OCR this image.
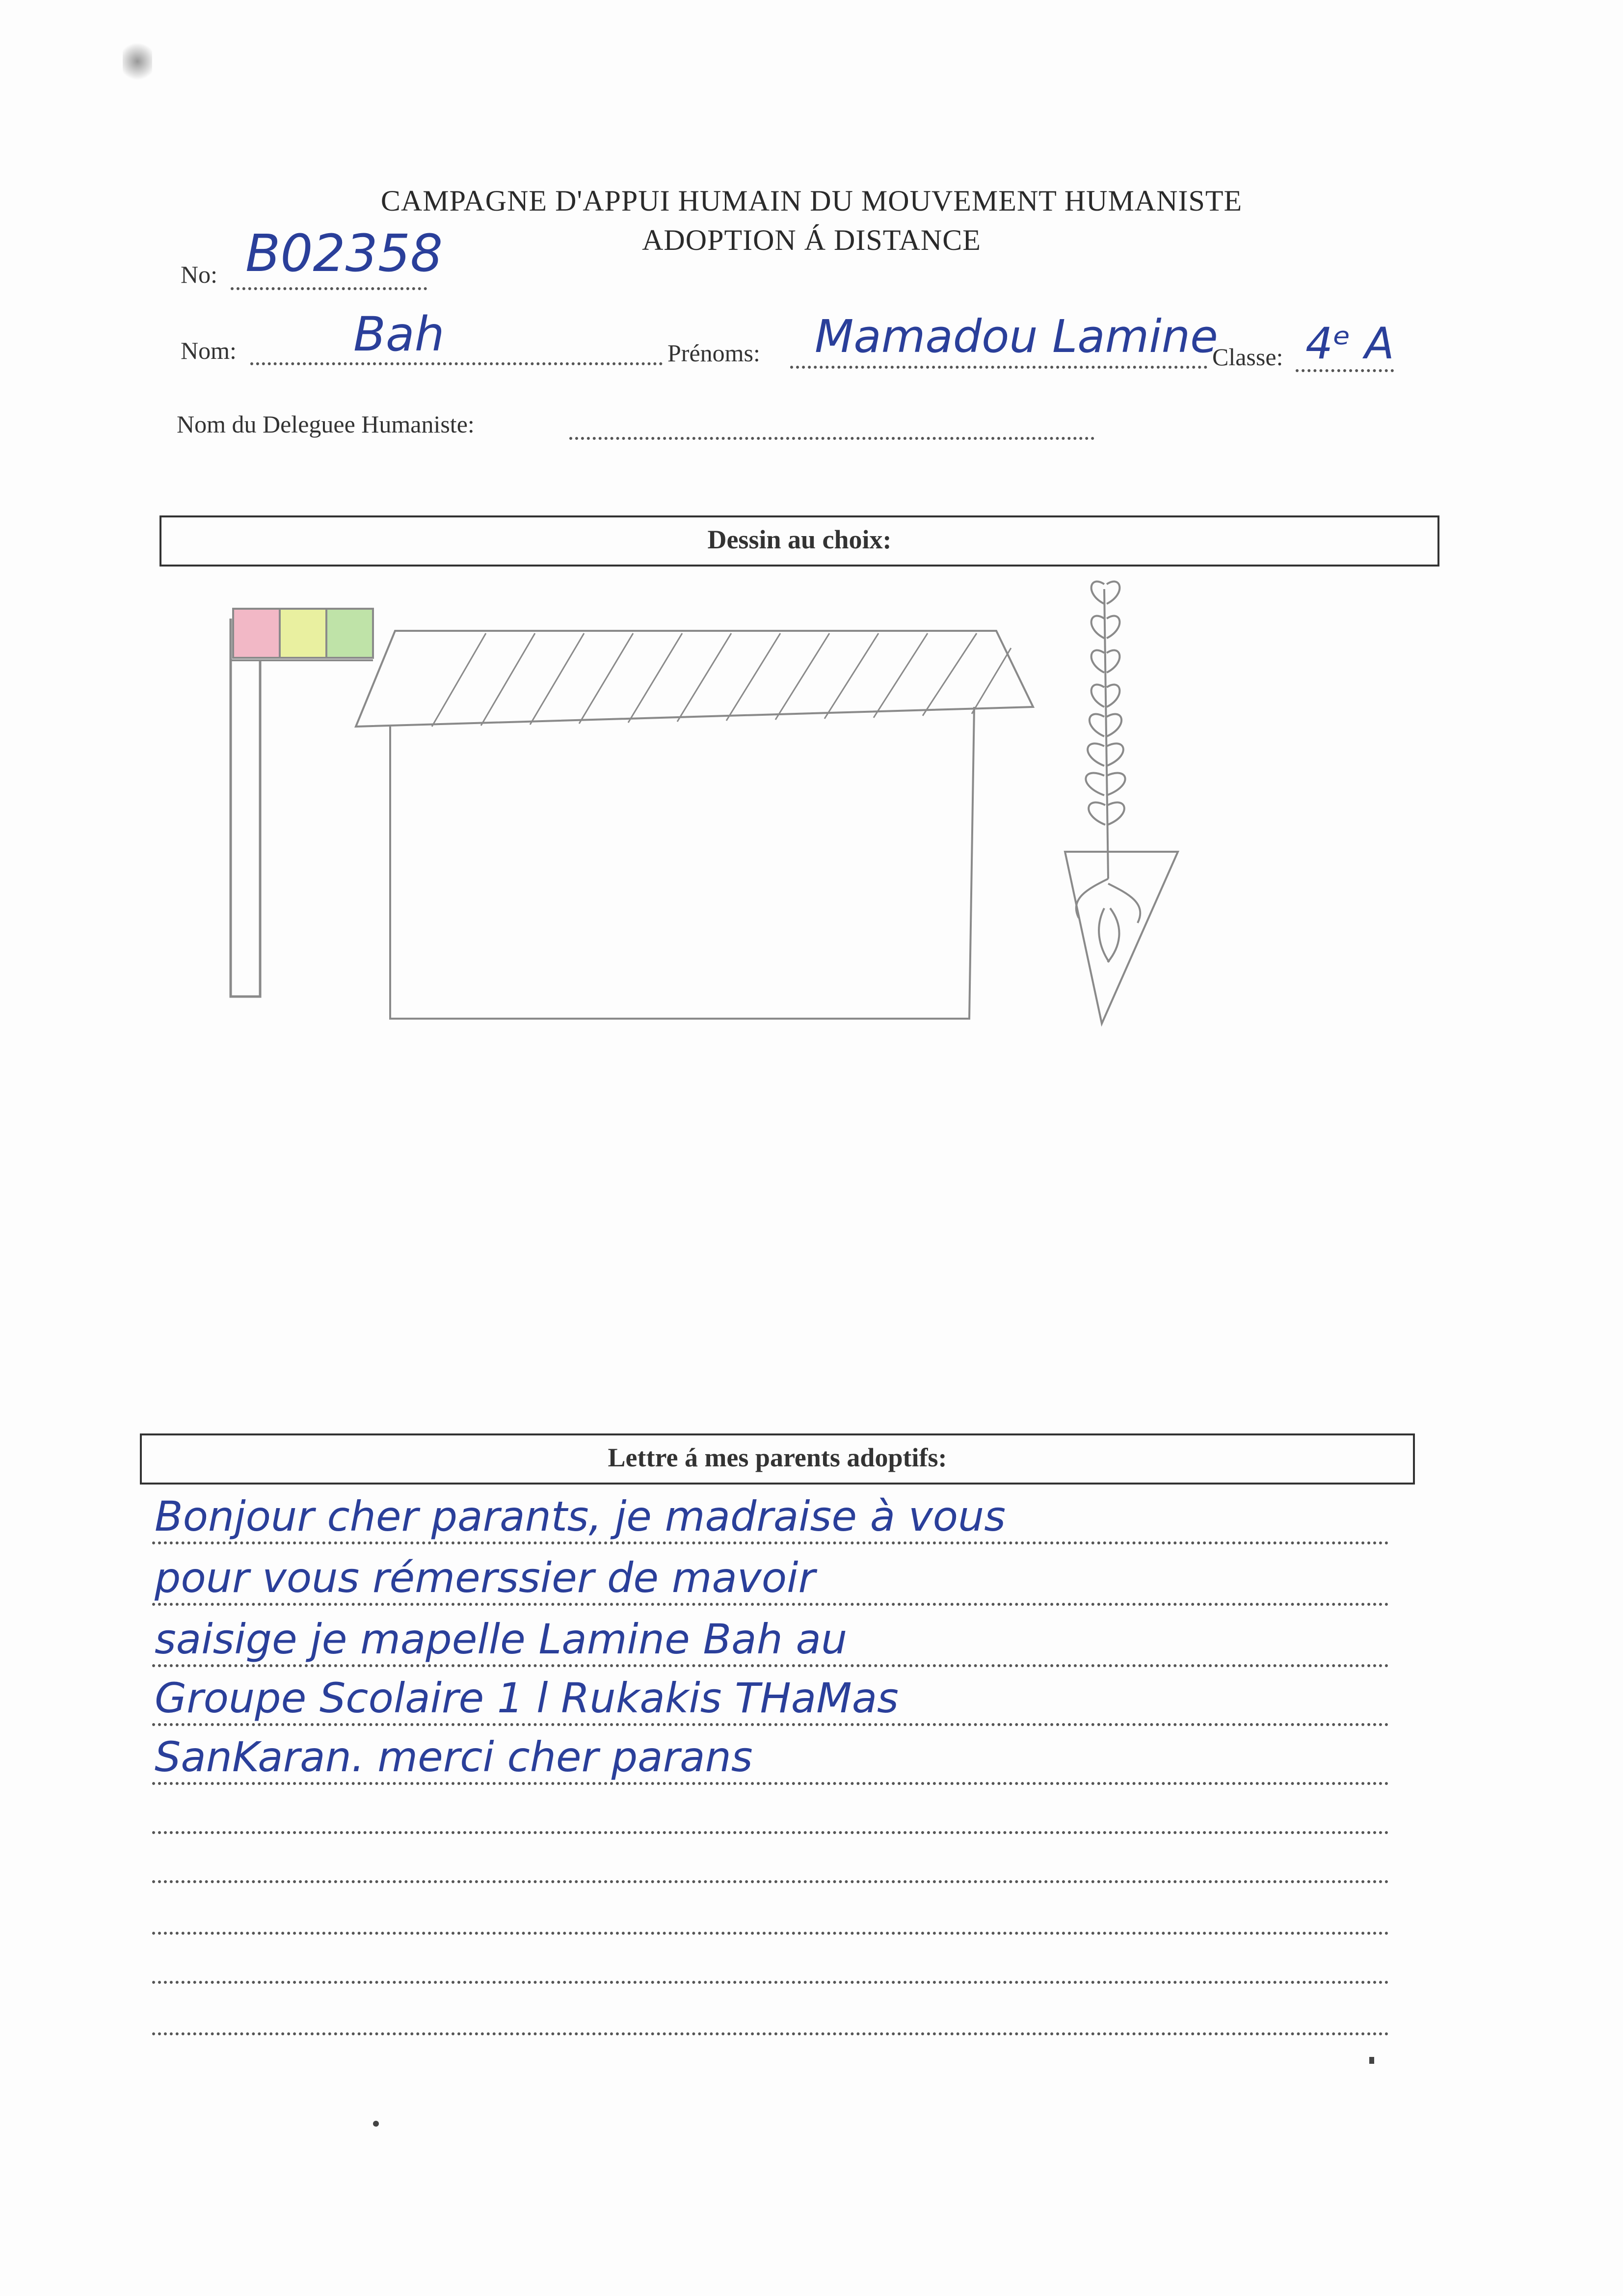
CAMPAGNE D'APPUI HUMAIN DU MOUVEMENT HUMANISTE
ADOPTION Á DISTANCE
No: B02358
Nom: Bah	Prénoms: Mamadou Lamine
Classe: 4ᵉ A
Nom du Deleguee Humaniste:
Dessin au choix:
Lettre á mes parents adoptifs:
Bonjour cher parants, je madraise à vous
pour vous rémerssier de mavoir
saisige je mapelle Lamine Bah au
Groupe Scolaire 1 l Rukakis THaMas
SanKaran. merci cher parans
